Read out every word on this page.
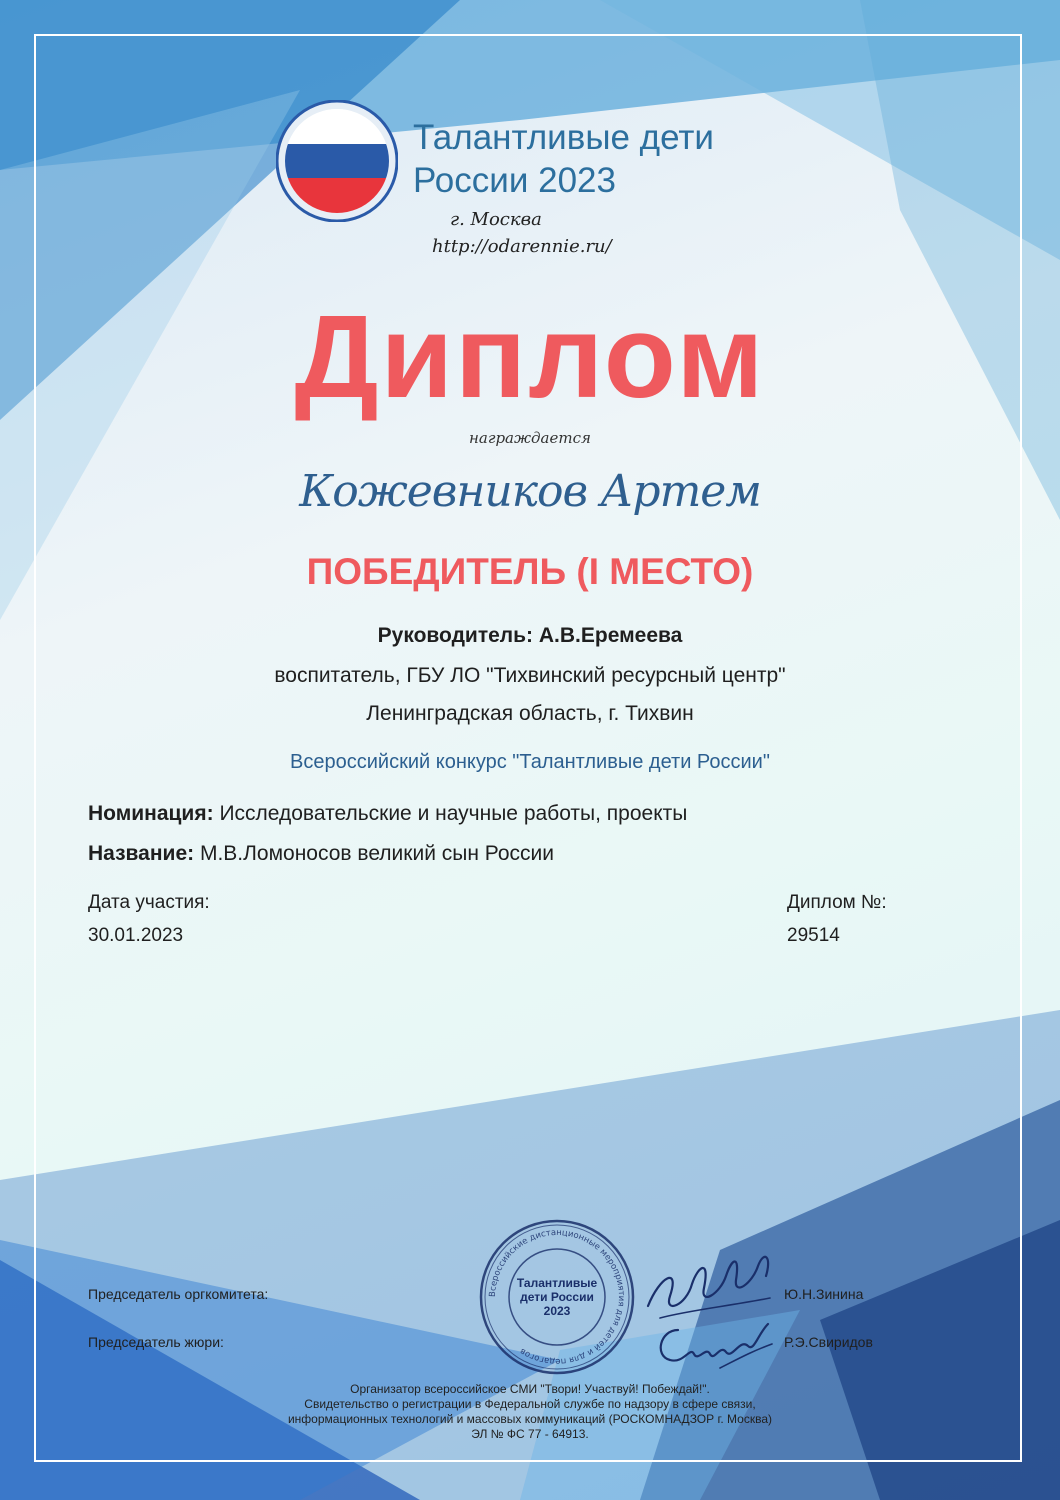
Талантливые дети
России 2023
г. Москва
http://odarennie.ru/
Диплом
награждается
Кожевников Артем
ПОБЕДИТЕЛЬ (I МЕСТО)
Руководитель: А.В.Еремеева
воспитатель, ГБУ ЛО "Тихвинский ресурсный центр"
Ленинградская область, г. Тихвин
Всероссийский конкурс "Талантливые дети России"
Номинация: Исследовательские и научные работы, проекты
Название: М.В.Ломоносов великий сын России
Дата участия:
30.01.2023
Диплом №:
29514
Всероссийские дистанционные мероприятия для детей и для педагогов
Талантливые дети России 2023
Председатель оргкомитета:
Председатель жюри:
Ю.Н.Зинина
Р.Э.Свиридов
Организатор всероссийское СМИ "Твори! Участвуй! Побеждай!".
Свидетельство о регистрации в Федеральной службе по надзору в сфере связи,
информационных технологий и массовых коммуникаций (РОСКОМНАДЗОР г. Москва)
ЭЛ № ФС 77 - 64913.
